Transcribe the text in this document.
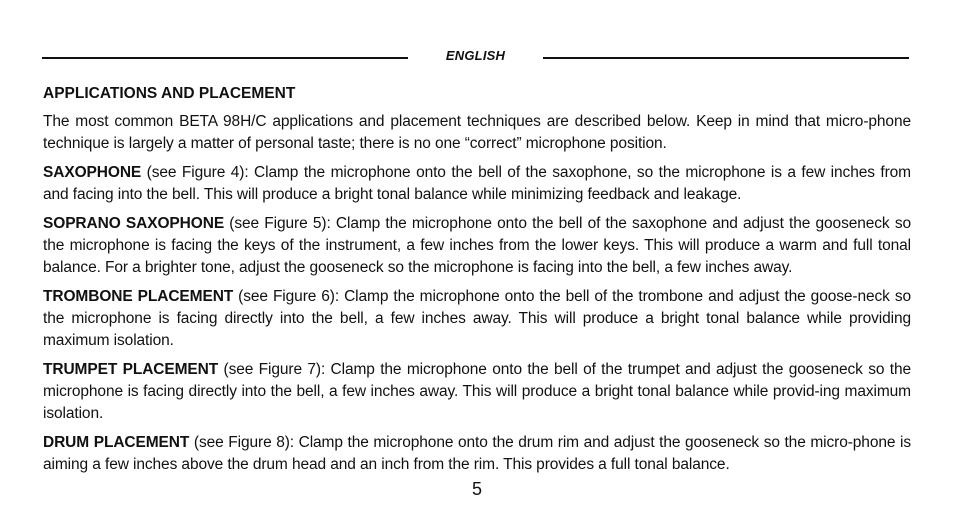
ENGLISH
APPLICATIONS AND PLACEMENT

The most common BETA 98H/C applications and placement techniques are described below. Keep in mind that micro-phone technique is largely a matter of personal taste; there is no one “correct” microphone position.

SAXOPHONE (see Figure 4): Clamp the microphone onto the bell of the saxophone, so the microphone is a few inches from and facing into the bell. This will produce a bright tonal balance while minimizing feedback and leakage.

SOPRANO SAXOPHONE (see Figure 5): Clamp the microphone onto the bell of the saxophone and adjust the gooseneck so the microphone is facing the keys of the instrument, a few inches from the lower keys. This will produce a warm and full tonal balance. For a brighter tone, adjust the gooseneck so the microphone is facing into the bell, a few inches away.

TROMBONE PLACEMENT (see Figure 6): Clamp the microphone onto the bell of the trombone and adjust the goose-neck so the microphone is facing directly into the bell, a few inches away. This will produce a bright tonal balance while providing maximum isolation.

TRUMPET PLACEMENT (see Figure 7): Clamp the microphone onto the bell of the trumpet and adjust the gooseneck so the microphone is facing directly into the bell, a few inches away. This will produce a bright tonal balance while provid-ing maximum isolation.

DRUM PLACEMENT (see Figure 8): Clamp the microphone onto the drum rim and adjust the gooseneck so the micro-phone is aiming a few inches above the drum head and an inch from the rim. This provides a full tonal balance.

5
